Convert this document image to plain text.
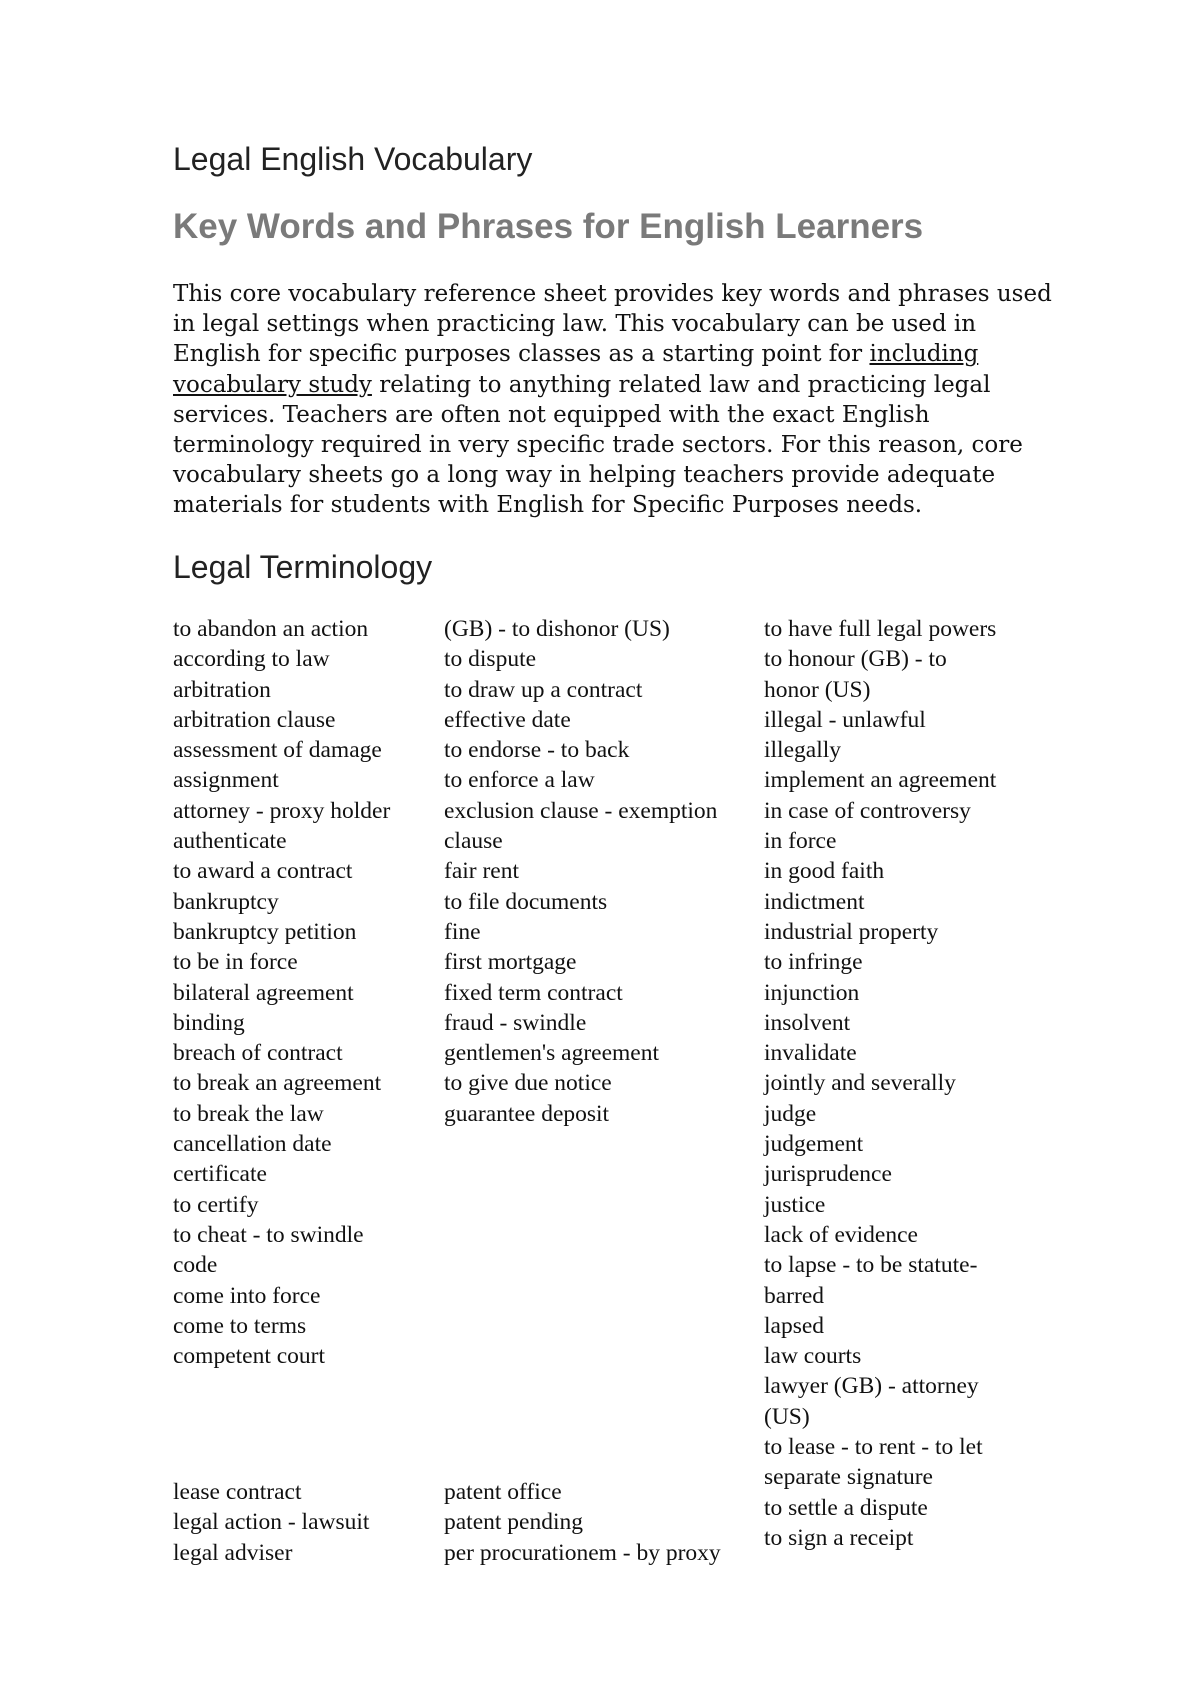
Legal English Vocabulary
Key Words and Phrases for English Learners

This core vocabulary reference sheet provides key words and phrases used in legal settings when practicing law. This vocabulary can be used in English for specific purposes classes as a starting point for including vocabulary study relating to anything related law and practicing legal services. Teachers are often not equipped with the exact English terminology required in very specific trade sectors. For this reason, core vocabulary sheets go a long way in helping teachers provide adequate materials for students with English for Specific Purposes needs.

Legal Terminology
to abandon an action
according to law
arbitration
arbitration clause
assessment of damage
assignment
attorney - proxy holder
authenticate
to award a contract
bankruptcy
bankruptcy petition
to be in force
bilateral agreement
binding
breach of contract
to break an agreement
to break the law
cancellation date
certificate
to certify
to cheat - to swindle
code
come into force
come to terms
competent court
(GB) - to dishonor (US)
to dispute
to draw up a contract
effective date
to endorse - to back
to enforce a law
exclusion clause - exemption
clause
fair rent
to file documents
fine
first mortgage
fixed term contract
fraud - swindle
gentlemen's agreement
to give due notice
guarantee deposit
to have full legal powers
to honour (GB) - to
honor (US)
illegal - unlawful
illegally
implement an agreement
in case of controversy
in force
in good faith
indictment
industrial property
to infringe
injunction
insolvent
invalidate
jointly and severally
judge
judgement
jurisprudence
justice
lack of evidence
to lapse - to be statute-
barred
lapsed
law courts
lawyer (GB) - attorney
(US)
to lease - to rent - to let
separate signature
to settle a dispute
to sign a receipt
lease contract
legal action - lawsuit
legal adviser
patent office
patent pending
per procurationem - by proxy
